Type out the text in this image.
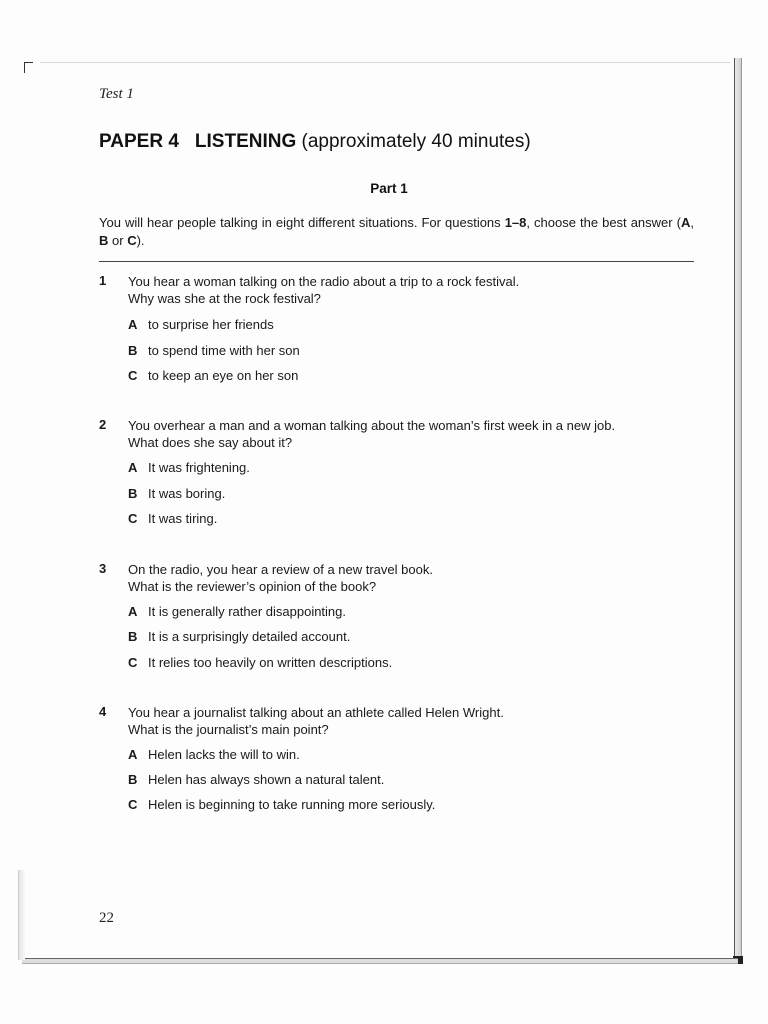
Test 1
PAPER 4 LISTENING (approximately 40 minutes)
Part 1
You will hear people talking in eight different situations. For questions 1–8, choose the best answer (A, B or C).
1 You hear a woman talking on the radio about a trip to a rock festival.
Why was she at the rock festival?
A to surprise her friends
B to spend time with her son
C to keep an eye on her son
2 You overhear a man and a woman talking about the woman’s first week in a new job.
What does she say about it?
A It was frightening.
B It was boring.
C It was tiring.
3 On the radio, you hear a review of a new travel book.
What is the reviewer’s opinion of the book?
A It is generally rather disappointing.
B It is a surprisingly detailed account.
C It relies too heavily on written descriptions.
4 You hear a journalist talking about an athlete called Helen Wright.
What is the journalist’s main point?
A Helen lacks the will to win.
B Helen has always shown a natural talent.
C Helen is beginning to take running more seriously.
22
